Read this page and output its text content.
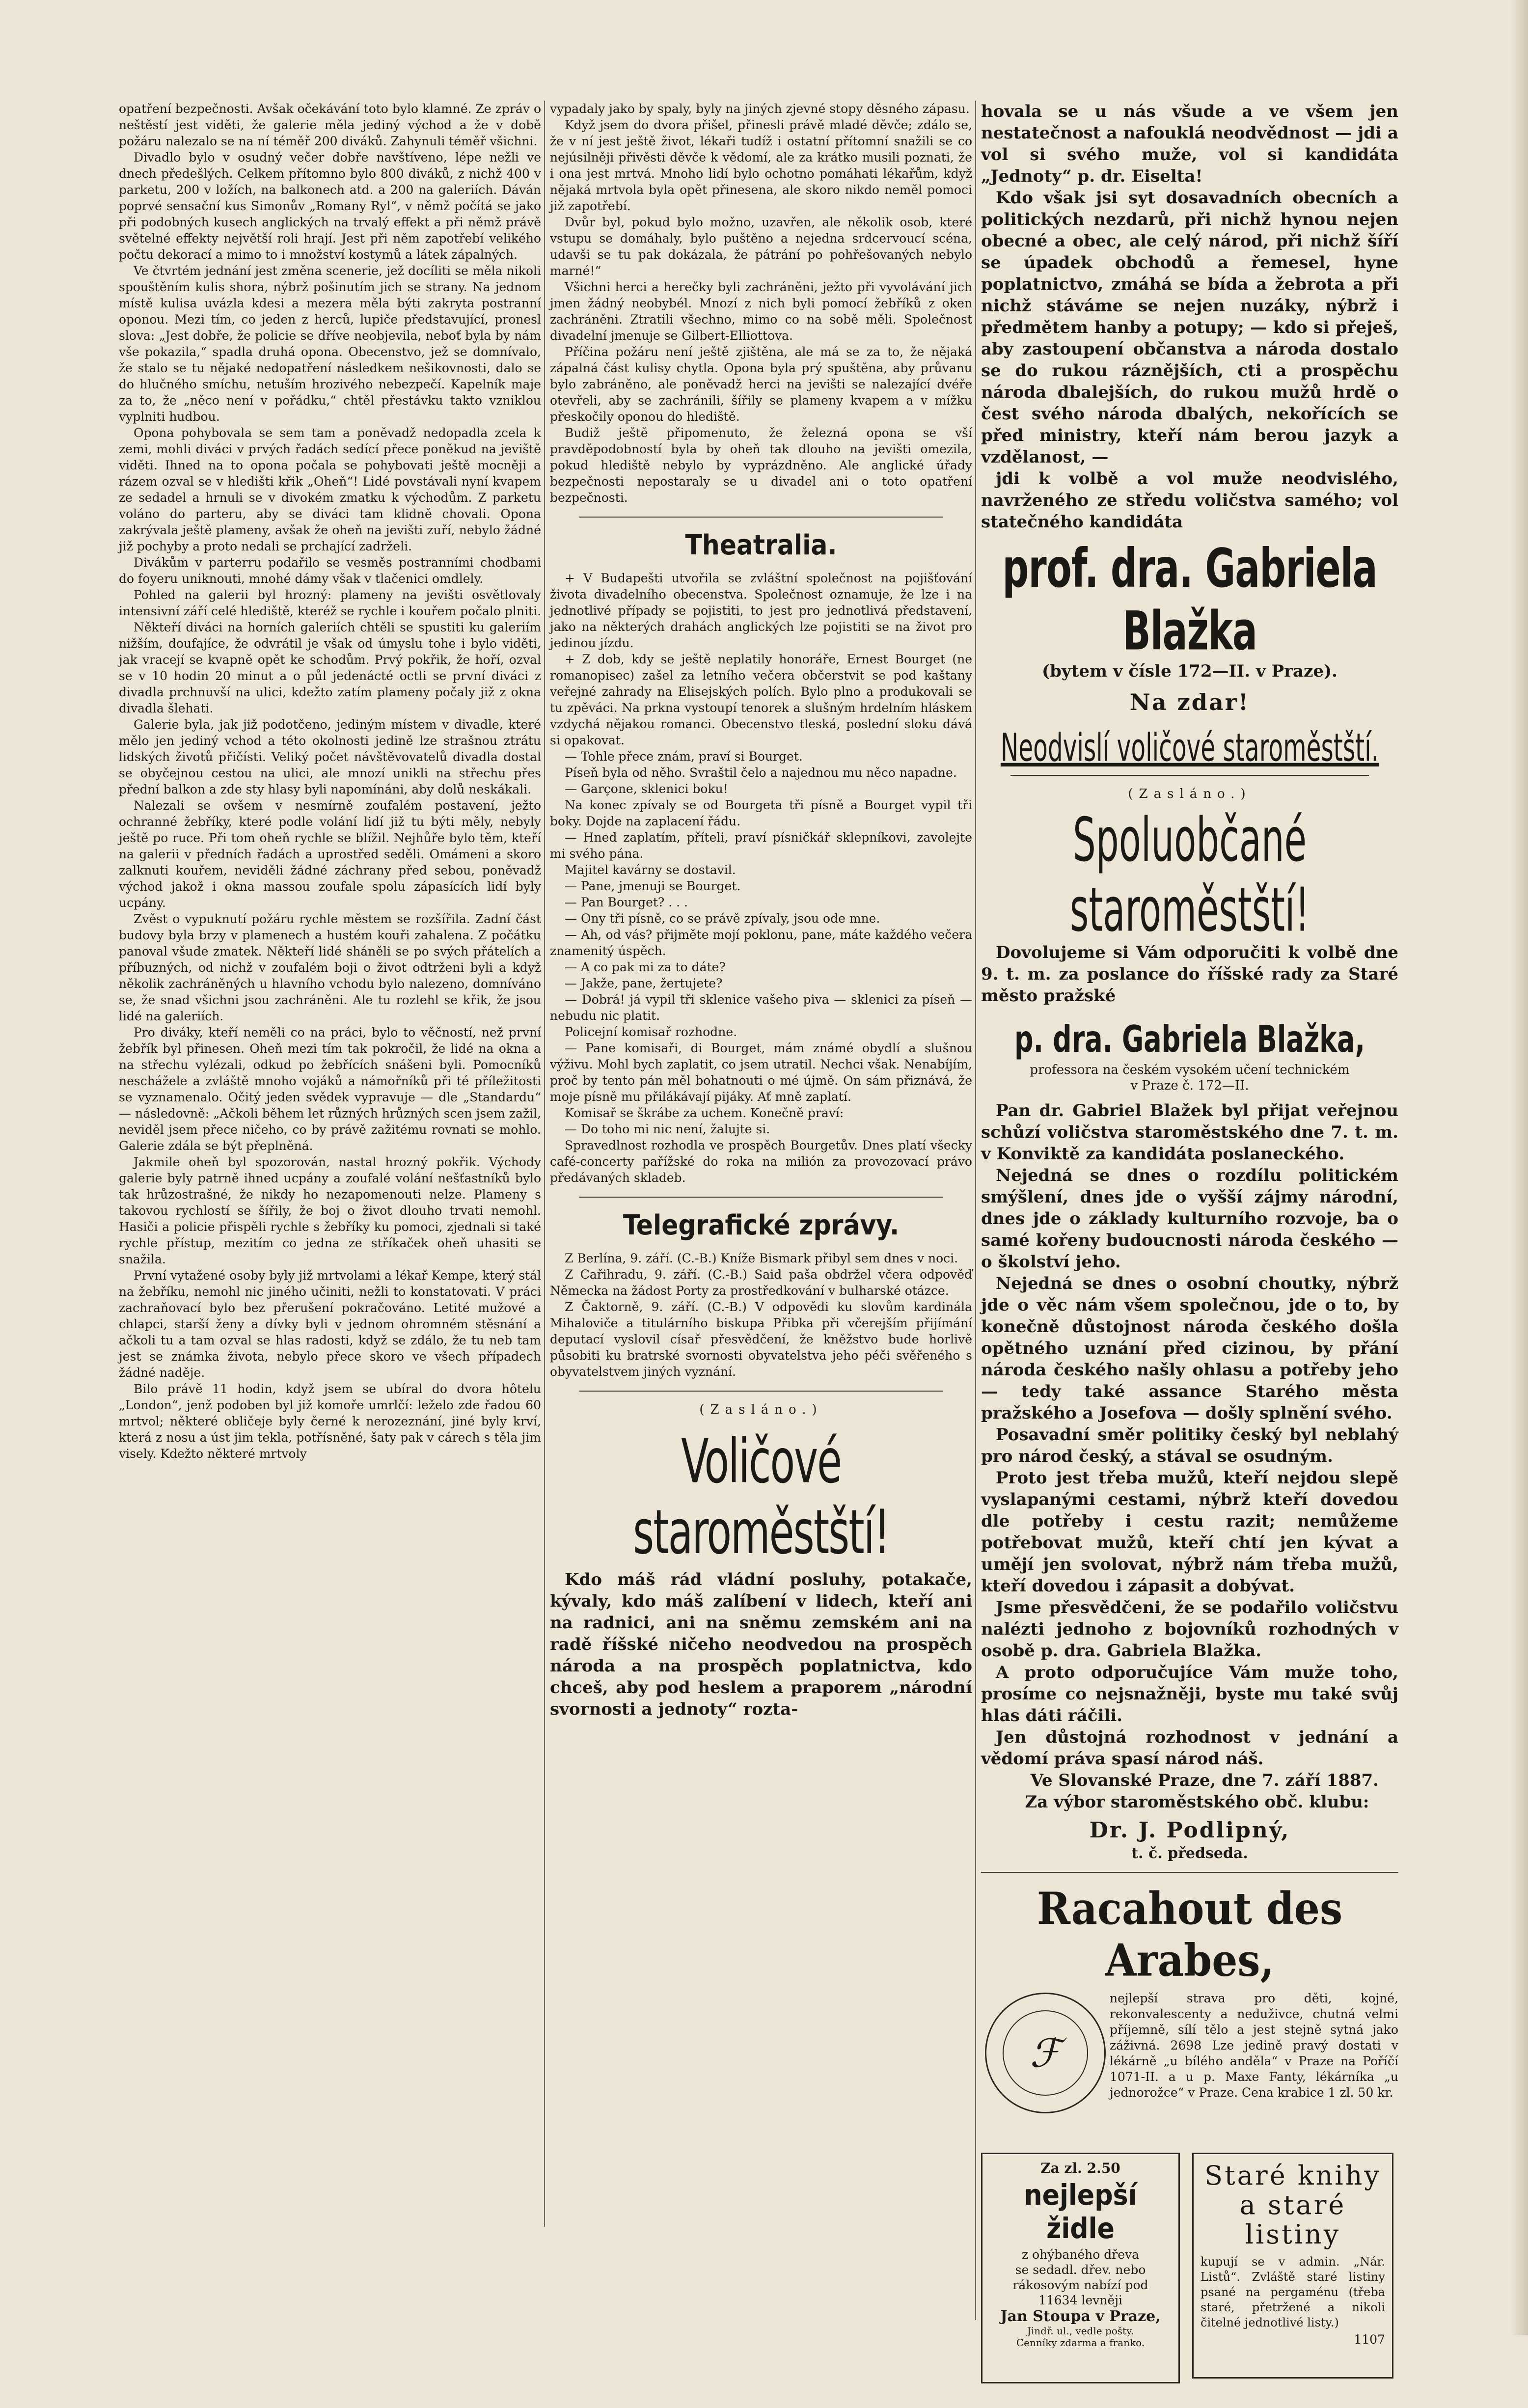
opatření bezpečnosti. Avšak očekávání toto bylo klamné. Ze zpráv o neštěstí jest viděti, že galerie měla jediný východ a že v době požáru nalezalo se na ní téměř 200 diváků. Zahynuli téměř všichni.

Divadlo bylo v osudný večer dobře navštíveno, lépe nežli ve dnech předešlých. Celkem přítomno bylo 800 diváků, z nichž 400 v parketu, 200 v ložích, na balkonech atd. a 200 na galeriích. Dáván poprvé sensační kus Simonův „Romany Ryl“, v němž počítá se jako při podobných kusech anglických na trvalý effekt a při němž právě světelné effekty největší roli hrají. Jest při něm zapotřebí velikého počtu dekorací a mimo to i množství kostymů a látek zápalných.

Ve čtvrtém jednání jest změna scenerie, jež docíliti se měla nikoli spouštěním kulis shora, nýbrž pošinutím jich se strany. Na jednom místě kulisa uvázla kdesi a mezera měla býti zakryta postranní oponou. Mezi tím, co jeden z herců, lupiče představující, pronesl slova: „Jest dobře, že policie se dříve neobjevila, neboť byla by nám vše pokazila,“ spadla druhá opona. Obecenstvo, jež se domnívalo, že stalo se tu nějaké nedopatření následkem nešikovnosti, dalo se do hlučného smíchu, netuším hrozivého nebezpečí. Kapelník maje za to, že „něco není v pořádku,“ chtěl přestávku takto vzniklou vyplniti hudbou.

Opona pohybovala se sem tam a poněvadž nedopadla zcela k zemi, mohli diváci v prvých řadách sedící přece poněkud na jeviště viděti. Ihned na to opona počala se pohybovati ještě mocněji a rázem ozval se v hledišti křik „Oheň“! Lidé povstávali nyní kvapem ze sedadel a hrnuli se v divokém zmatku k východům. Z parketu voláno do parteru, aby se diváci tam klidně chovali. Opona zakrývala ještě plameny, avšak že oheň na jevišti zuří, nebylo žádné již pochyby a proto nedali se prchající zadrželi.

Divákům v parterru podařilo se vesměs postranními chodbami do foyeru uniknouti, mnohé dámy však v tlačenici omdlely.

Pohled na galerii byl hrozný: plameny na jevišti osvětlovaly intensivní září celé hlediště, kteréž se rychle i kouřem počalo plniti.

Někteří diváci na horních galeriích chtěli se spustiti ku galeriím nižším, doufajíce, že odvrátil je však od úmyslu tohe i bylo viděti, jak vracejí se kvapně opět ke schodům. Prvý pokřik, že hoří, ozval se v 10 hodin 20 minut a o půl jedenácté octli se první diváci z divadla prchnuvší na ulici, kdežto zatím plameny počaly již z okna divadla šlehati.

Galerie byla, jak již podotčeno, jediným místem v divadle, které mělo jen jediný vchod a této okolnosti jedině lze strašnou ztrátu lidských životů přičísti. Veliký počet návštěvovatelů divadla dostal se obyčejnou cestou na ulici, ale mnozí unikli na střechu přes přední balkon a zde sty hlasy byli napomínáni, aby dolů neskákali.

Nalezali se ovšem v nesmírně zoufalém postavení, ježto ochranné žebříky, které podle volání lidí již tu býti měly, nebyly ještě po ruce. Při tom oheň rychle se blížil. Nejhůře bylo těm, kteří na galerii v předních řadách a uprostřed seděli. Omámeni a skoro zalknuti kouřem, neviděli žádné záchrany před sebou, poněvadž východ jakož i okna massou zoufale spolu zápasících lidí byly ucpány.

Zvěst o vypuknutí požáru rychle městem se rozšířila. Zadní část budovy byla brzy v plamenech a hustém kouři zahalena. Z počátku panoval všude zmatek. Někteří lidé sháněli se po svých přátelích a příbuzných, od nichž v zoufalém boji o život odtrženi byli a když několik zachráněných u hlavního vchodu bylo nalezeno, domníváno se, že snad všichni jsou zachráněni. Ale tu rozlehl se křik, že jsou lidé na galeriích.

Pro diváky, kteří neměli co na práci, bylo to věčností, než první žebřík byl přinesen. Oheň mezi tím tak pokročil, že lidé na okna a na střechu vylézali, odkud po žebřících snášeni byli. Pomocníků neschážele a zvláště mnoho vojáků a námořníků při té příležitosti se vyznamenalo. Očitý jeden svědek vypravuje — dle „Standardu“ — následovně: „Ačkoli během let různých hrůzných scen jsem zažil, neviděl jsem přece ničeho, co by právě zažitému rovnati se mohlo. Galerie zdála se být přeplněná.

Jakmile oheň byl spozorován, nastal hrozný pokřik. Východy galerie byly patrně ihned ucpány a zoufalé volání nešťastníků bylo tak hrůzostrašné, že nikdy ho nezapomenouti nelze. Plameny s takovou rychlostí se šířily, že boj o život dlouho trvati nemohl. Hasiči a policie přispěli rychle s žebříky ku pomoci, zjednali si také rychle přístup, mezitím co jedna ze stříkaček oheň uhasiti se snažila.

První vytažené osoby byly již mrtvolami a lékař Kempe, který stál na žebříku, nemohl nic jiného učiniti, nežli to konstatovati. V práci zachraňovací bylo bez přerušení pokračováno. Letité mužové a chlapci, starší ženy a dívky byli v jednom ohromném stěsnání a ačkoli tu a tam ozval se hlas radosti, když se zdálo, že tu neb tam jest se známka života, nebylo přece skoro ve všech případech žádné naděje.

Bilo právě 11 hodin, když jsem se ubíral do dvora hôtelu „London“, jenž podoben byl již komoře umrlčí: leželo zde řadou 60 mrtvol; některé obličeje byly černé k nerozeznání, jiné byly krví, která z nosu a úst jim tekla, potřísněné, šaty pak v cárech s těla jim visely. Kdežto některé mrtvoly

vypadaly jako by spaly, byly na jiných zjevné stopy děsného zápasu.

Když jsem do dvora přišel, přinesli právě mladé děvče; zdálo se, že v ní jest ještě život, lékaři tudíž i ostatní přítomní snažili se co nejúsilněji přivěsti děvče k vědomí, ale za krátko musili poznati, že i ona jest mrtvá. Mnoho lidí bylo ochotno pomáhati lékařům, když nějaká mrtvola byla opět přinesena, ale skoro nikdo neměl pomoci již zapotřebí.

Dvůr byl, pokud bylo možno, uzavřen, ale několik osob, které vstupu se domáhaly, bylo puštěno a nejedna srdcervoucí scéna, udavši se tu pak dokázala, že pátrání po pohřešovaných nebylo marné!“

Všichni herci a herečky byli zachráněni, ježto při vyvolávání jich jmen žádný neobybél. Mnozí z nich byli pomocí žebříků z oken zachráněni. Ztratili všechno, mimo co na sobě měli. Společnost divadelní jmenuje se Gilbert-Elliottova.

Příčina požáru není ještě zjištěna, ale má se za to, že nějaká zápalná část kulisy chytla. Opona byla prý spuštěna, aby průvanu bylo zabráněno, ale poněvadž herci na jevišti se nalezající dvéře otevřeli, aby se zachránili, šířily se plameny kvapem a v mížku přeskočily oponou do hlediště.

Budiž ještě připomenuto, že železná opona se vší pravděpodobností byla by oheň tak dlouho na jevišti omezila, pokud hlediště nebylo by vyprázdněno. Ale anglické úřady bezpečnosti nepostaraly se u divadel ani o toto opatření bezpečnosti.

Theatralia.

+ V Budapešti utvořila se zvláštní společnost na pojišťování života divadelního obecenstva. Společnost oznamuje, že lze i na jednotlivé případy se pojistiti, to jest pro jednotlivá představení, jako na některých drahách anglických lze pojistiti se na život pro jedinou jízdu.

+ Z dob, kdy se ještě neplatily honoráře, Ernest Bourget (ne romanopisec) zašel za letního večera občerstvit se pod kaštany veřejné zahrady na Elisejských polích. Bylo plno a produkovali se tu zpěváci. Na prkna vystoupí tenorek a slušným hrdelním hláskem vzdychá nějakou romanci. Obecenstvo tleská, poslední sloku dává si opakovat.

— Tohle přece znám, praví si Bourget.

Píseň byla od něho. Svraštil čelo a najednou mu něco napadne.

— Garçone, sklenici boku!

Na konec zpívaly se od Bourgeta tři písně a Bourget vypil tři boky. Dojde na zaplacení řádu.

— Hned zaplatím, příteli, praví písničkář sklepníkovi, zavolejte mi svého pána.

Majitel kavárny se dostavil.

— Pane, jmenuji se Bourget.

— Pan Bourget? . . .

— Ony tři písně, co se právě zpívaly, jsou ode mne.

— Ah, od vás? přijměte mojí poklonu, pane, máte každého večera znamenitý úspěch.

— A co pak mi za to dáte?

— Jakže, pane, žertujete?

— Dobrá! já vypil tři sklenice vašeho piva — sklenici za píseň — nebudu nic platit.

Policejní komisař rozhodne.

— Pane komisaři, di Bourget, mám známé obydlí a slušnou výživu. Mohl bych zaplatit, co jsem utratil. Nechci však. Nenabíjím, proč by tento pán měl bohatnouti o mé újmě. On sám přiznává, že moje písně mu přilákávají pijáky. Ať mně zaplatí.

Komisař se škrábe za uchem. Konečně praví:

— Do toho mi nic není, žalujte si.

Spravedlnost rozhodla ve prospěch Bourgetův. Dnes platí všecky café-concerty pařížské do roka na milión za provozovací právo předávaných skladeb.

Telegrafické zprávy.

Z Berlína, 9. září. (C.-B.) Kníže Bismark přibyl sem dnes v noci.

Z Cařihradu, 9. září. (C.-B.) Said paša obdržel včera odpověď Německa na žádost Porty za prostředkování v bulharské otázce.

Z Čaktorně, 9. září. (C.-B.) V odpovědi ku slovům kardinála Mihaloviče a titulárního biskupa Přibka při včerejším přijímání deputací vyslovil císař přesvědčení, že kněžstvo bude horlivě působiti ku bratrské svornosti obyvatelstva jeho péči svěřeného s obyvatelstvem jiných vyznání.

(Zasláno.)
Voličové staroměstští!

Kdo máš rád vládní posluhy, potakače, kývaly, kdo máš zalíbení v lidech, kteří ani na radnici, ani na sněmu zemském ani na radě říšské ničeho neodvedou na prospěch národa a na prospěch poplatnictva, kdo chceš, aby pod heslem a praporem „národní svornosti a jednoty“ rozta-

hovala se u nás všude a ve všem jen nestatečnost a nafouklá neodvědnost — jdi a vol si svého muže, vol si kandidáta „Jednoty“ p. dr. Eiselta!

Kdo však jsi syt dosavadních obecních a politických nezdarů, při nichž hynou nejen obecné a obec, ale celý národ, při nichž šíří se úpadek obchodů a řemesel, hyne poplatnictvo, zmáhá se bída a žebrota a při nichž stáváme se nejen nuzáky, nýbrž i předmětem hanby a potupy; — kdo si přeješ, aby zastoupení občanstva a národa dostalo se do rukou ráznějších, cti a prospěchu národa dbalejších, do rukou mužů hrdě o čest svého národa dbalých, nekořících se před ministry, kteří nám berou jazyk a vzdělanost, —

jdi k volbě a vol muže neodvislého, navrženého ze středu voličstva samého; vol statečného kandidáta

prof. dra. Gabriela Blažka
(bytem v čísle 172—II. v Praze).
Na zdar!
Neodvislí voličové staroměstští.
(Zasláno.)
Spoluobčané staroměstští!

Dovolujeme si Vám odporučiti k volbě dne 9. t. m. za poslance do říšské rady za Staré město pražské

p. dra. Gabriela Blažka,
professora na českém vysokém učení technickém
v Praze č. 172—II.

Pan dr. Gabriel Blažek byl přijat veřejnou schůzí voličstva staroměstského dne 7. t. m. v Konviktě za kandidáta poslaneckého.

Nejedná se dnes o rozdílu politickém smýšlení, dnes jde o vyšší zájmy národní, dnes jde o základy kulturního rozvoje, ba o samé kořeny budoucnosti národa českého — o školství jeho.

Nejedná se dnes o osobní choutky, nýbrž jde o věc nám všem společnou, jde o to, by konečně důstojnost národa českého došla opětného uznání před cizinou, by přání národa českého našly ohlasu a potřeby jeho — tedy také assance Starého města pražského a Josefova — došly splnění svého.

Posavadní směr politiky český byl neblahý pro národ český, a stával se osudným.

Proto jest třeba mužů, kteří nejdou slepě vyslapanými cestami, nýbrž kteří dovedou dle potřeby i cestu razit; nemůžeme potřebovat mužů, kteří chtí jen kývat a umějí jen svolovat, nýbrž nám třeba mužů, kteří dovedou i zápasit a dobývat.

Jsme přesvědčeni, že se podařilo voličstvu nalézti jednoho z bojovníků rozhodných v osobě p. dra. Gabriela Blažka.

A proto odporučujíce Vám muže toho, prosíme co nejsnažněji, byste mu také svůj hlas dáti ráčili.

Jen důstojná rozhodnost v jednání a vědomí práva spasí národ náš.

Ve Slovanské Praze, dne 7. září 1887.

Za výbor staroměstského obč. klubu:

Dr. J. Podlipný,
t. č. předseda.
Racahout des Arabes,
ℱ
nejlepší strava pro děti, kojné, rekonvalescenty a neduživce, chutná velmi příjemně, sílí tělo a jest stejně sytná jako záživná. 2698 Lze jedině pravý dostati v lékárně „u bílého anděla“ v Praze na Poříčí 1071-II. a u p. Maxe Fanty, lékárníka „u jednorožce“ v Praze. Cena krabice 1 zl. 50 kr.
Za zl. 2.50
nejlepší židle
z ohýbaného dřeva
se sedadl. dřev. nebo
rákosovým nabízí pod
11634 levněji
Jan Stoupa v Praze,
Jindř. ul., vedle pošty.
Cenníky zdarma a franko.
Staré knihy a staré listiny
kupují se v admin. „Nár. Listů“. Zvláště staré listiny psané na pergaménu (třeba staré, přetržené a nikoli čitelné jednotlivé listy.)
1107
